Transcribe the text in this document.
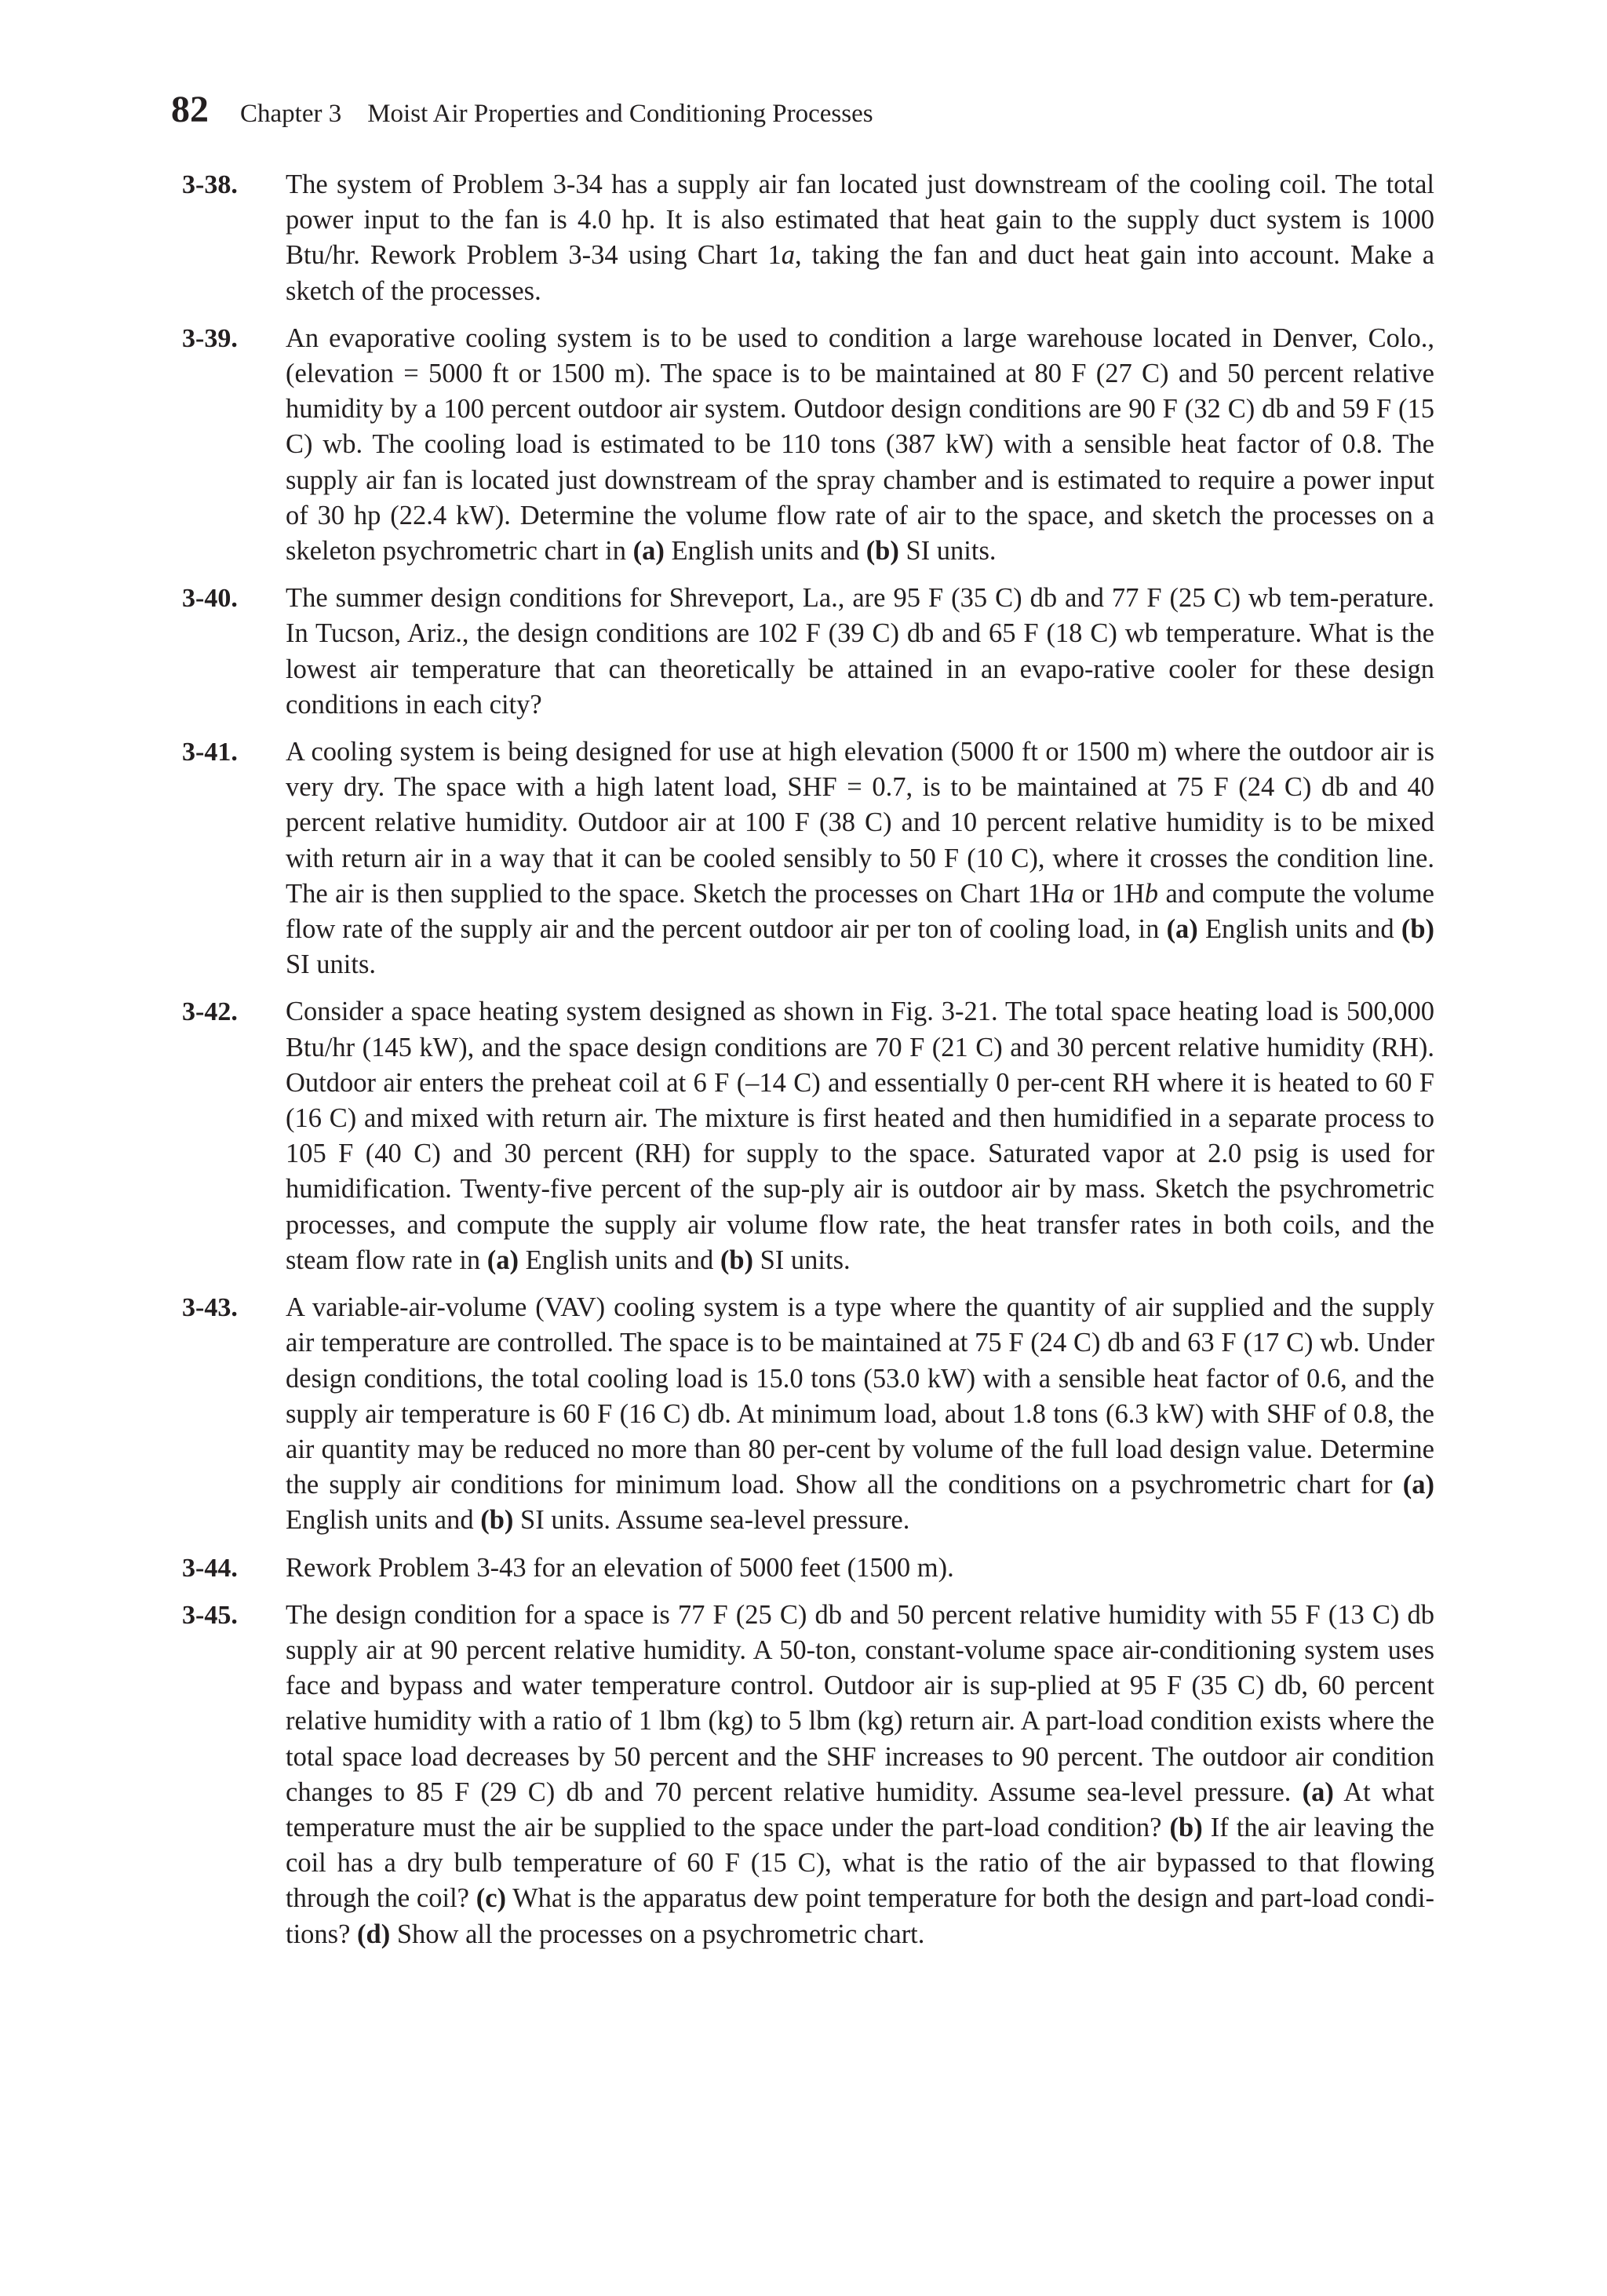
82 Chapter 3    Moist Air Properties and Conditioning Processes
3-38.	The system of Problem 3-34 has a supply air fan located just downstream of the cooling coil. The total power input to the fan is 4.0 hp. It is also estimated that heat gain to the supply duct system is 1000 Btu/hr. Rework Problem 3-34 using Chart 1a, taking the fan and duct heat gain into account. Make a sketch of the processes.
3-39.	An evaporative cooling system is to be used to condition a large warehouse located in Denver, Colo., (elevation = 5000 ft or 1500 m). The space is to be maintained at 80 F (27 C) and 50 percent relative humidity by a 100 percent outdoor air system. Outdoor design conditions are 90 F (32 C) db and 59 F (15 C) wb. The cooling load is estimated to be 110 tons (387 kW) with a sensible heat factor of 0.8. The supply air fan is located just downstream of the spray chamber and is estimated to require a power input of 30 hp (22.4 kW). Determine the volume flow rate of air to the space, and sketch the processes on a skeleton psychrometric chart in (a) English units and (b) SI units.
3-40.	The summer design conditions for Shreveport, La., are 95 F (35 C) db and 77 F (25 C) wb tem-perature. In Tucson, Ariz., the design conditions are 102 F (39 C) db and 65 F (18 C) wb temperature. What is the lowest air temperature that can theoretically be attained in an evapo-rative cooler for these design conditions in each city?
3-41.	A cooling system is being designed for use at high elevation (5000 ft or 1500 m) where the outdoor air is very dry. The space with a high latent load, SHF = 0.7, is to be maintained at 75 F (24 C) db and 40 percent relative humidity. Outdoor air at 100 F (38 C) and 10 percent relative humidity is to be mixed with return air in a way that it can be cooled sensibly to 50 F (10 C), where it crosses the condition line. The air is then supplied to the space. Sketch the processes on Chart 1Ha or 1Hb and compute the volume flow rate of the supply air and the percent outdoor air per ton of cooling load, in (a) English units and (b) SI units.
3-42.	Consider a space heating system designed as shown in Fig. 3-21. The total space heating load is 500,000 Btu/hr (145 kW), and the space design conditions are 70 F (21 C) and 30 percent relative humidity (RH). Outdoor air enters the preheat coil at 6 F (–14 C) and essentially 0 per-cent RH where it is heated to 60 F (16 C) and mixed with return air. The mixture is first heated and then humidified in a separate process to 105 F (40 C) and 30 percent (RH) for supply to the space. Saturated vapor at 2.0 psig is used for humidification. Twenty-five percent of the sup-ply air is outdoor air by mass. Sketch the psychrometric processes, and compute the supply air volume flow rate, the heat transfer rates in both coils, and the steam flow rate in (a) English units and (b) SI units.
3-43.	A variable-air-volume (VAV) cooling system is a type where the quantity of air supplied and the supply air temperature are controlled. The space is to be maintained at 75 F (24 C) db and 63 F (17 C) wb. Under design conditions, the total cooling load is 15.0 tons (53.0 kW) with a sensible heat factor of 0.6, and the supply air temperature is 60 F (16 C) db. At minimum load, about 1.8 tons (6.3 kW) with SHF of 0.8, the air quantity may be reduced no more than 80 per-cent by volume of the full load design value. Determine the supply air conditions for minimum load. Show all the conditions on a psychrometric chart for (a) English units and (b) SI units. Assume sea-level pressure.
3-44.	Rework Problem 3-43 for an elevation of 5000 feet (1500 m).
3-45.	The design condition for a space is 77 F (25 C) db and 50 percent relative humidity with 55 F (13 C) db supply air at 90 percent relative humidity. A 50-ton, constant-volume space air-conditioning system uses face and bypass and water temperature control. Outdoor air is sup-plied at 95 F (35 C) db, 60 percent relative humidity with a ratio of 1 lbm (kg) to 5 lbm (kg) return air. A part-load condition exists where the total space load decreases by 50 percent and the SHF increases to 90 percent. The outdoor air condition changes to 85 F (29 C) db and 70 percent relative humidity. Assume sea-level pressure. (a) At what temperature must the air be supplied to the space under the part-load condition? (b) If the air leaving the coil has a dry bulb temperature of 60 F (15 C), what is the ratio of the air bypassed to that flowing through the coil? (c) What is the apparatus dew point temperature for both the design and part-load condi-tions? (d) Show all the processes on a psychrometric chart.
